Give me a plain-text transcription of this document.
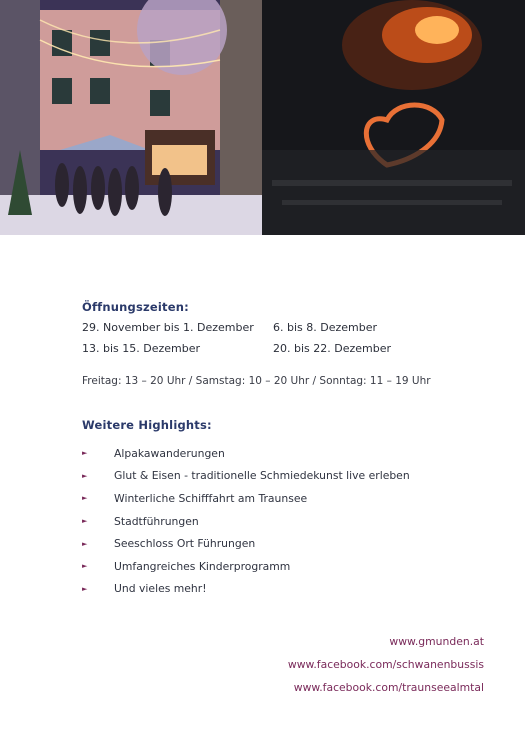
Öffnungszeiten:
29. November bis 1. Dezember	6. bis 8. Dezember
13. bis 15. Dezember	20. bis 22. Dezember
Freitag: 13 – 20 Uhr / Samstag: 10 – 20 Uhr / Sonntag: 11 – 19 Uhr
Weitere Highlights:
►	Alpakawanderungen
►	Glut & Eisen - traditionelle Schmiedekunst live erleben
►	Winterliche Schifffahrt am Traunsee
►	Stadtführungen
►	Seeschloss Ort Führungen
►	Umfangreiches Kinderprogramm
►	Und vieles mehr!
www.gmunden.at
www.facebook.com/schwanenbussis
www.facebook.com/traunseealmtal
